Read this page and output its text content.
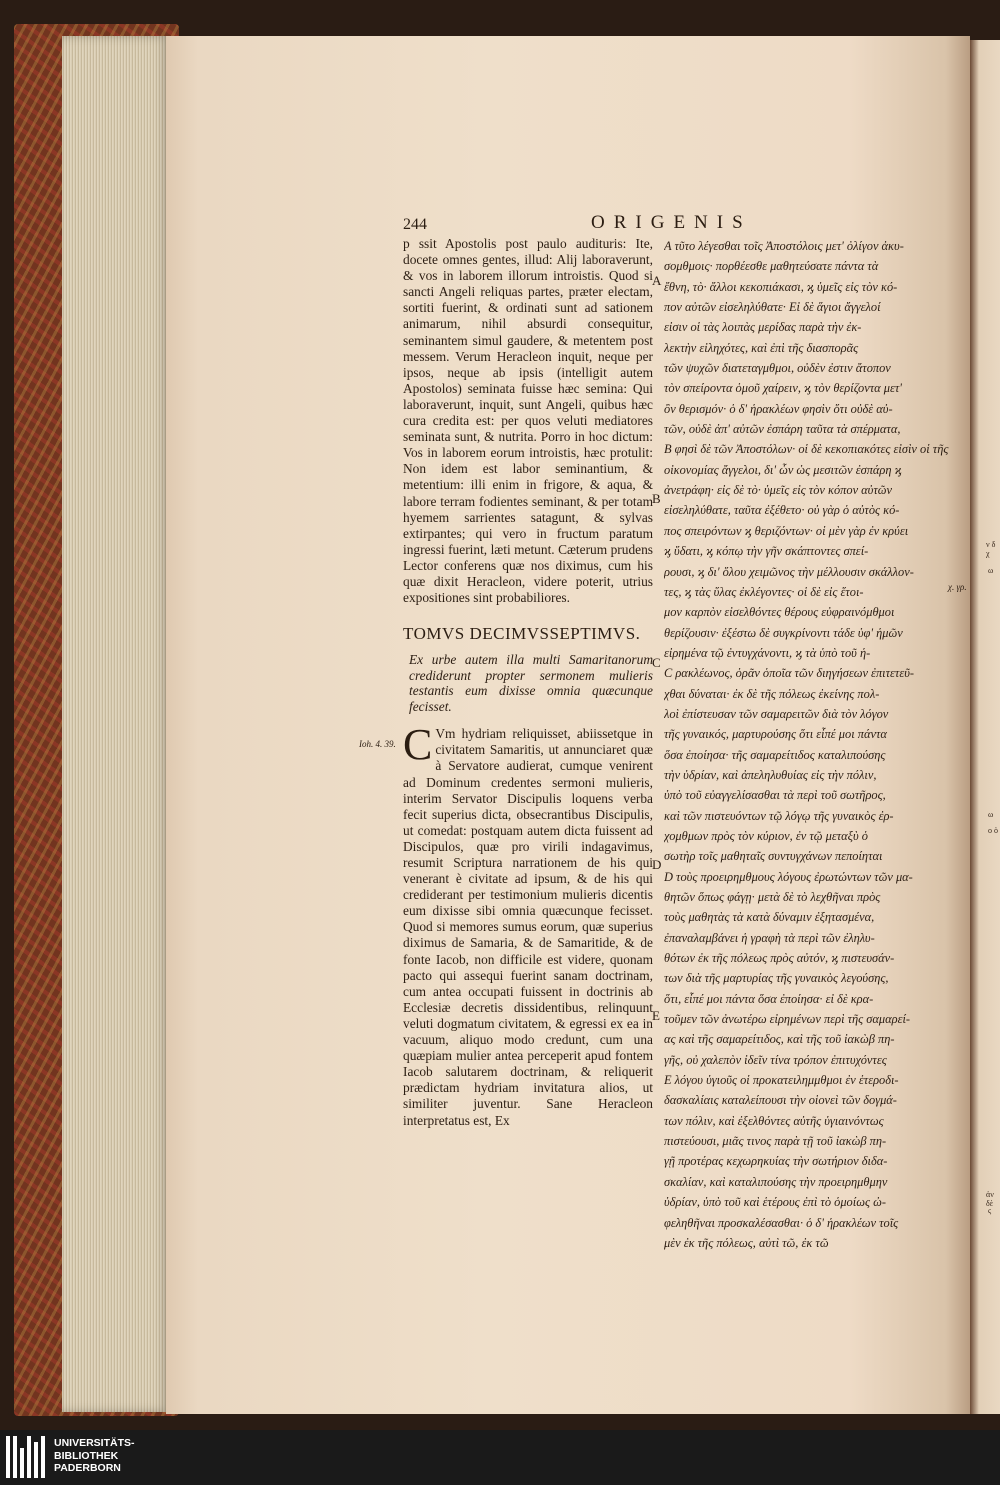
244	ORIGENIS

p ssit Apostolis post paulo audituris: Ite, docete omnes gentes, illud: Alij laboraverunt, & vos in laborem illorum introistis. Quod si sancti Angeli reliquas partes, præter electam, sortiti fuerint, & ordinati sunt ad sationem animarum, nihil absurdi consequitur, seminantem simul gaudere, & metentem post messem. Verum Heracleon inquit, neque per ipsos, neque ab ipsis (intelligit autem Apostolos) seminata fuisse hæc semina: Qui laboraverunt, inquit, sunt Angeli, quibus hæc cura credita est: per quos veluti mediatores seminata sunt, & nutrita. Porro in hoc dictum: Vos in laborem eorum introistis, hæc protulit: Non idem est labor seminantium, & metentium: illi enim in frigore, & aqua, & labore terram fodientes seminant, & per totam hyemem sarrientes satagunt, & sylvas extirpantes; qui vero in fructum paratum ingressi fuerint, læti metunt. Cæterum prudens Lector conferens quæ nos diximus, cum his quæ dixit Heracleon, videre poterit, utrius expositiones sint probabiliores.

TOMVS DECIMVSSEPTIMVS.
Ex urbe autem illa multi Samaritanorum crediderunt propter sermonem mulieris testantis eum dixisse omnia quæcunque fecisset.

C Vm hydriam reliquisset, abiissetque in civitatem Samaritis, ut annunciaret quæ à Servatore audierat, cumque venirent ad Dominum credentes sermoni mulieris, interim Servator Discipulis loquens verba fecit superius dicta, obsecrantibus Discipulis, ut comedat: postquam autem dicta fuissent ad Discipulos, quæ pro virili indagavimus, resumit Scriptura narrationem de his qui venerant è civitate ad ipsum, & de his qui crediderant per testimonium mulieris dicentis eum dixisse sibi omnia quæcunque fecisset. Quod si memores sumus eorum, quæ superius diximus de Samaria, & de Samaritide, & de fonte Iacob, non difficile est videre, quonam pacto qui assequi fuerint sanam doctrinam, cum antea occupati fuissent in doctrinis ab Ecclesiæ decretis dissidentibus, relinquunt veluti dogmatum civitatem, & egressi ex ea in vacuum, aliquo modo credunt, cum una quæpiam mulier antea perceperit apud fontem Iacob salutarem doctrinam, & reliquerit prædictam hydriam invitatura alios, ut similiter juventur. Sane Heracleon interpretatus est, Ex

Ioh. 4. 39.

Α τῦτο λέγεσθαι τοῖς Ἀποστόλοις μετ' ὀλίγον ἀκυ-

σομθμοις· πορθέεσθε μαθητεύσατε πάντα τὰ

ἔθνη, τὸ· ἄλλοι κεκοπιάκασι, ϗ ὑμεῖς εἰς τὸν κό-

πον αὐτῶν εἰσεληλύθατε· Εἰ δὲ ἅγιοι ἄγγελοί

εἰσιν οἱ τὰς λοιπὰς μερίδας παρὰ τὴν ἐκ-

λεκτὴν εἰληχότες, καὶ ἐπὶ τῆς διασπορᾶς

τῶν ψυχῶν διατεταγμθμοι, οὐδὲν ἐστιν ἄτοπον

τὸν σπείροντα ὁμοῦ χαίρειν, ϗ τὸν θερίζοντα μετ'

ὂν θερισμόν· ὁ δ' ἡρακλέων φησὶν ὅτι οὐδὲ αὐ-

τῶν, οὐδὲ ἀπ' αὐτῶν ἐσπάρη ταῦτα τὰ σπέρματα,

Β φησὶ δὲ τῶν Ἀποστόλων· οἱ δὲ κεκοπιακότες εἰσὶν οἱ τῆς

οἰκονομίας ἄγγελοι, δι' ὧν ὡς μεσιτῶν ἐσπάρη ϗ

ἀνετράφη· εἰς δὲ τὸ· ὑμεῖς εἰς τὸν κόπον αὐτῶν

εἰσεληλύθατε, ταῦτα ἐξέθετο· οὐ γὰρ ὁ αὐτὸς κό-

πος σπειρόντων ϗ θεριζόντων· οἱ μὲν γὰρ ἐν κρύει

ϗ ὕδατι, ϗ κόπῳ τὴν γῆν σκάπτοντες σπεί-

ρουσι, ϗ δι' ὅλου χειμῶνος τὴν μέλλουσιν σκάλλον-

τες, ϗ τὰς ὕλας ἐκλέγοντες· οἱ δὲ εἰς ἕτοι-

μον καρπὸν εἰσελθόντες θέρους εὐφραινόμθμοι

θερίζουσιν· ἐξέστω δὲ συγκρίνοντι τάδε ὑφ' ἡμῶν

εἰρημένα τῷ ἐντυγχάνοντι, ϗ τὰ ὑπὸ τοῦ ἡ-

C ρακλέωνος, ὁρᾶν ὁποῖα τῶν διηγήσεων ἐπιτετεῦ-

χθαι δύναται· ἐκ δὲ τῆς πόλεως ἐκείνης πολ-

λοὶ ἐπίστευσαν τῶν σαμαρειτῶν διὰ τὸν λόγον

τῆς γυναικός, μαρτυρούσης ὅτι εἶπέ μοι πάντα

ὅσα ἐποίησα· τῆς σαμαρείτιδος καταλιπούσης

τὴν ὑδρίαν, καὶ ἀπεληλυθυίας εἰς τὴν πόλιν,

ὑπὸ τοῦ εὐαγγελίσασθαι τὰ περὶ τοῦ σωτῆρος,

καὶ τῶν πιστευόντων τῷ λόγῳ τῆς γυναικὸς ἐρ-

χομθμων πρὸς τὸν κύριον, ἐν τῷ μεταξὺ ὁ

σωτὴρ τοῖς μαθηταῖς συντυγχάνων πεποίηται

D τοὺς προειρημθμους λόγους ἐρωτώντων τῶν μα-

θητῶν ὅπως φάγῃ· μετὰ δὲ τὸ λεχθῆναι πρὸς

τοὺς μαθητὰς τὰ κατὰ δύναμιν ἐξητασμένα,

ἐπαναλαμβάνει ἡ γραφὴ τὰ περὶ τῶν ἐληλυ-

θότων ἐκ τῆς πόλεως πρὸς αὐτόν, ϗ πιστευσάν-

των διὰ τῆς μαρτυρίας τῆς γυναικὸς λεγούσης,

ὅτι, εἶπέ μοι πάντα ὅσα ἐποίησα· εἰ δὲ κρα-

τοῦμεν τῶν ἀνωτέρω εἰρημένων περὶ τῆς σαμαρεί-

ας καὶ τῆς σαμαρείτιδος, καὶ τῆς τοῦ ἰακὼβ πη-

γῆς, οὐ χαλεπὸν ἰδεῖν τίνα τρόπον ἐπιτυχόντες

Ε λόγου ὑγιοῦς οἱ προκατειλημμθμοι ἐν ἑτεροδι-

δασκαλίαις καταλείπουσι τὴν οἱονεὶ τῶν δογμά-

των πόλιν, καὶ ἐξελθόντες αὐτῆς ὑγιαινόντως

πιστεύουσι, μιᾶς τινος παρὰ τῇ τοῦ ἰακὼβ πη-

γῇ προτέρας κεχωρηκυίας τὴν σωτήριον διδα-

σκαλίαν, καὶ καταλιπούσης τὴν προειρημθμην

ὑδρίαν, ὑπὸ τοῦ καὶ ἑτέρους ἐπὶ τὸ ὁμοίως ὠ-

φεληθῆναι προσκαλέσασθαι· ὁ δ' ἡρακλέων τοῖς

μὲν ἐκ τῆς πόλεως, αὐτὶ τῶ, ἐκ τῶ

χ. γρ.
A
B
C
D
E
ν δ χ
ω
ω
ο ὁ
ἀν δὲ
ς
UNIVERSITÄTS-
BIBLIOTHEK
PADERBORN
